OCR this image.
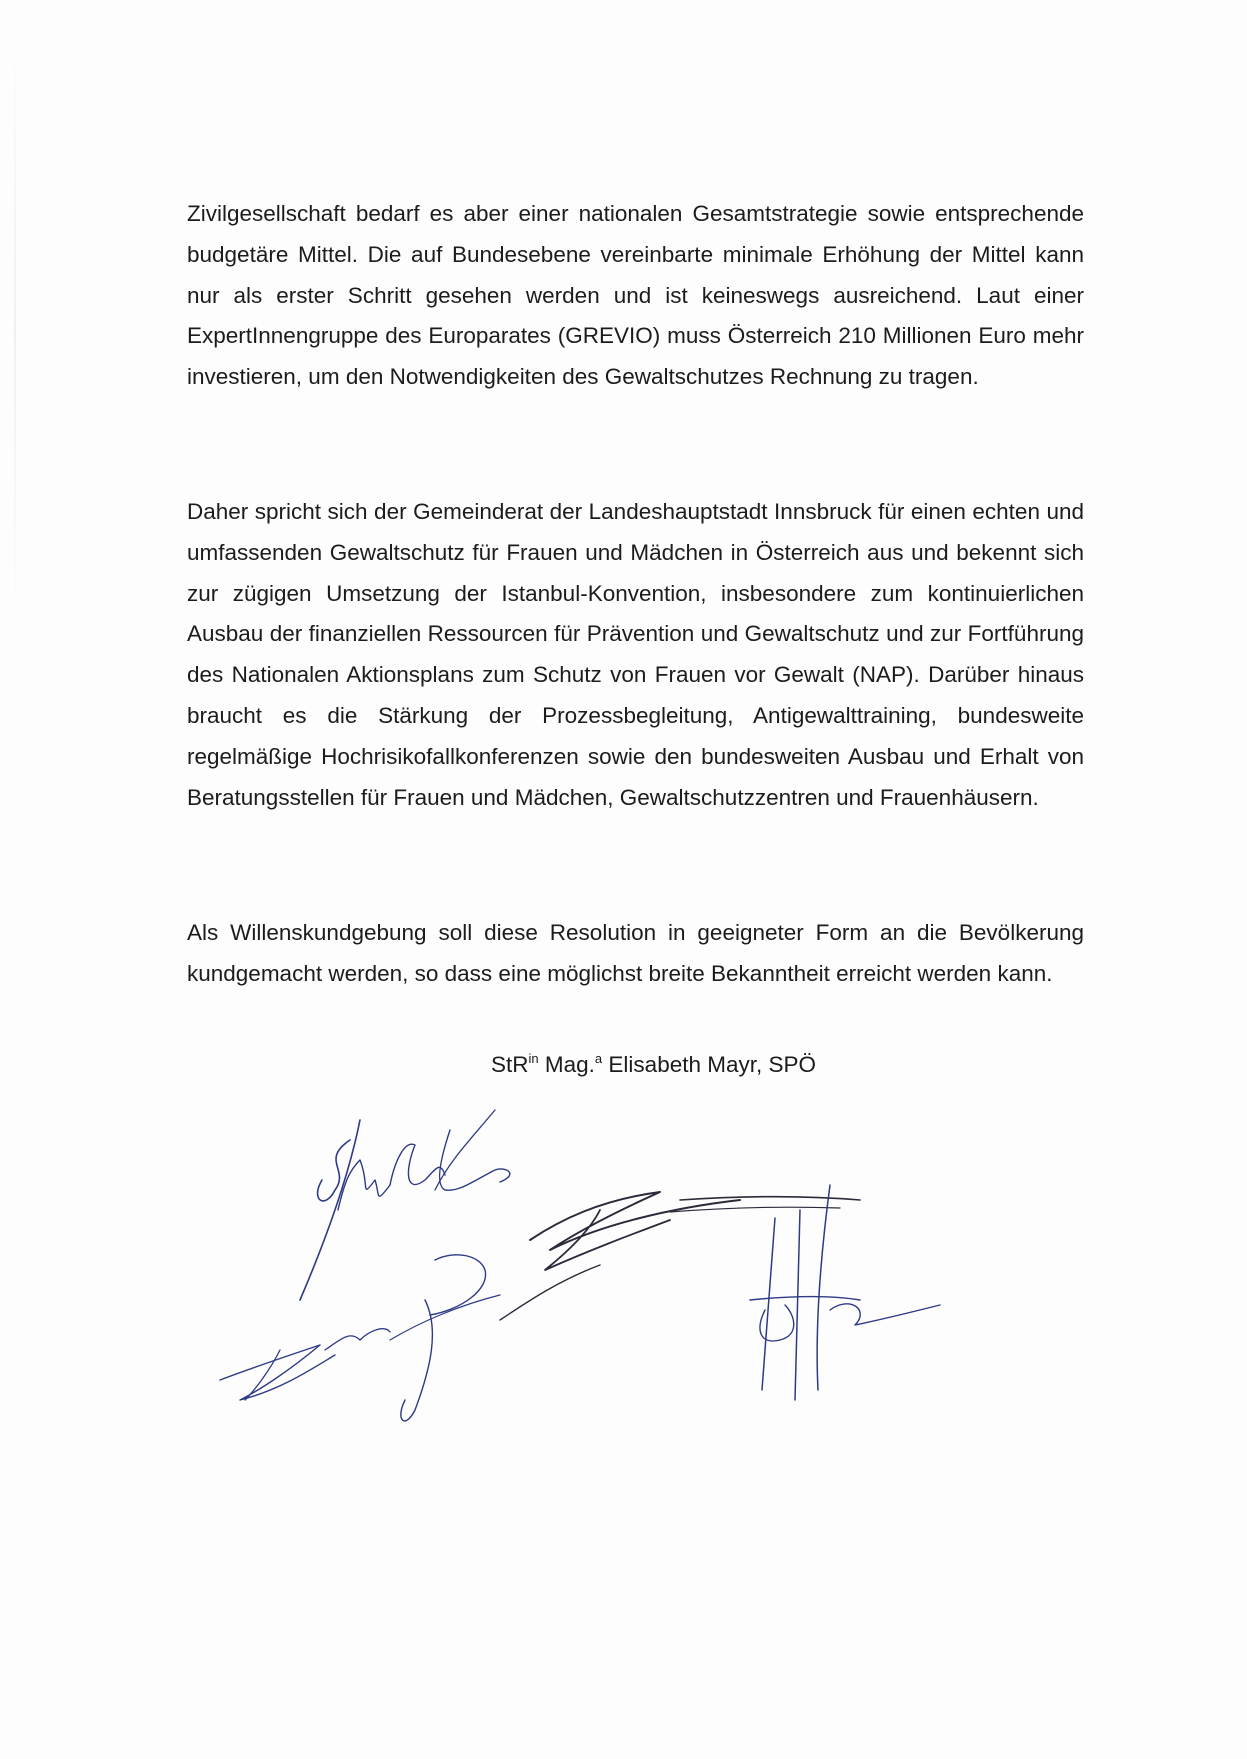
Zivilgesellschaft bedarf es aber einer nationalen Gesamtstrategie sowie entsprechende budgetäre Mittel. Die auf Bundesebene vereinbarte minimale Erhöhung der Mittel kann nur als erster Schritt gesehen werden und ist keineswegs ausreichend. Laut einer ExpertInnengruppe des Europarates (GREVIO) muss Österreich 210 Millionen Euro mehr investieren, um den Notwendigkeiten des Gewaltschutzes Rechnung zu tragen.

Daher spricht sich der Gemeinderat der Landeshauptstadt Innsbruck für einen echten und umfassenden Gewaltschutz für Frauen und Mädchen in Österreich aus und bekennt sich zur zügigen Umsetzung der Istanbul-Konvention, insbesondere zum kontinuierlichen Ausbau der finanziellen Ressourcen für Prävention und Gewaltschutz und zur Fortführung des Nationalen Aktionsplans zum Schutz von Frauen vor Gewalt (NAP). Darüber hinaus braucht es die Stärkung der Prozessbegleitung, Antigewalttraining, bundesweite regelmäßige Hochrisikofallkonferenzen sowie den bundesweiten Ausbau und Erhalt von Beratungsstellen für Frauen und Mädchen, Gewaltschutzzentren und Frauenhäusern.

Als Willenskundgebung soll diese Resolution in geeigneter Form an die Bevölkerung kundgemacht werden, so dass eine möglichst breite Bekanntheit erreicht werden kann.

StR$^{in}$ Mag.$^a$ Elisabeth Mayr, SPÖ
